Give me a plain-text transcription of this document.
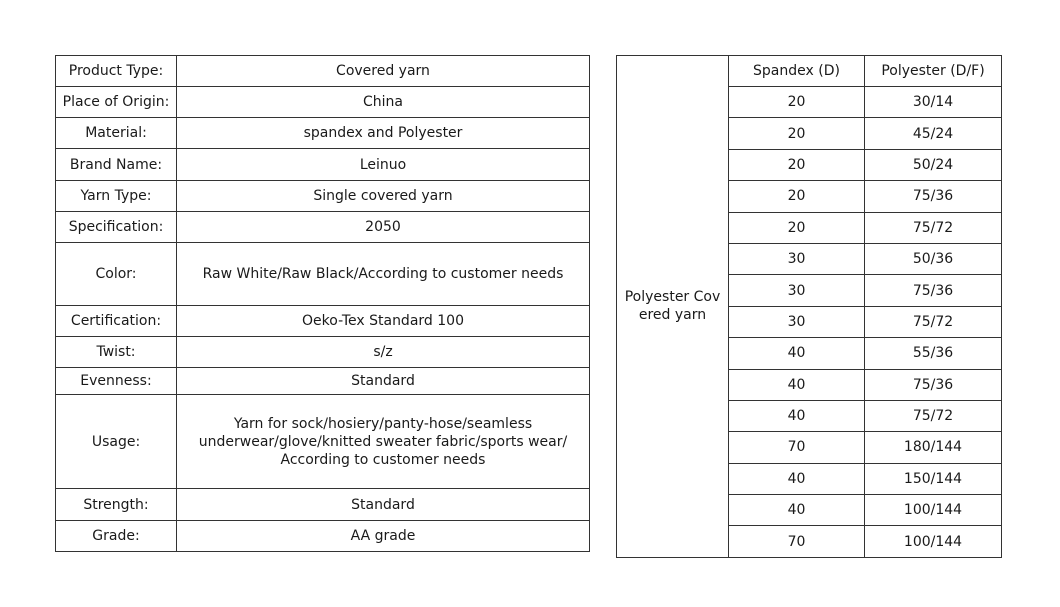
Product Type:	Covered yarn
Place of Origin:	China
Material:	spandex and Polyester
Brand Name:	Leinuo
Yarn Type:	Single covered yarn
Specification:	2050
Color:	Raw White/Raw Black/According to customer needs
Certification:	Oeko-Tex Standard 100
Twist:	s/z
Evenness:	Standard
Usage:	Yarn for sock/hosiery/panty-hose/seamless
underwear/glove/knitted sweater fabric/sports wear/
According to customer needs
Strength:	Standard
Grade:	AA grade
Polyester Cov
ered yarn	Spandex (D)	Polyester (D/F)
	20	30/14
	20	45/24
	20	50/24
	20	75/36
	20	75/72
	30	50/36
	30	75/36
	30	75/72
	40	55/36
	40	75/36
	40	75/72
	70	180/144
	40	150/144
	40	100/144
	70	100/144
